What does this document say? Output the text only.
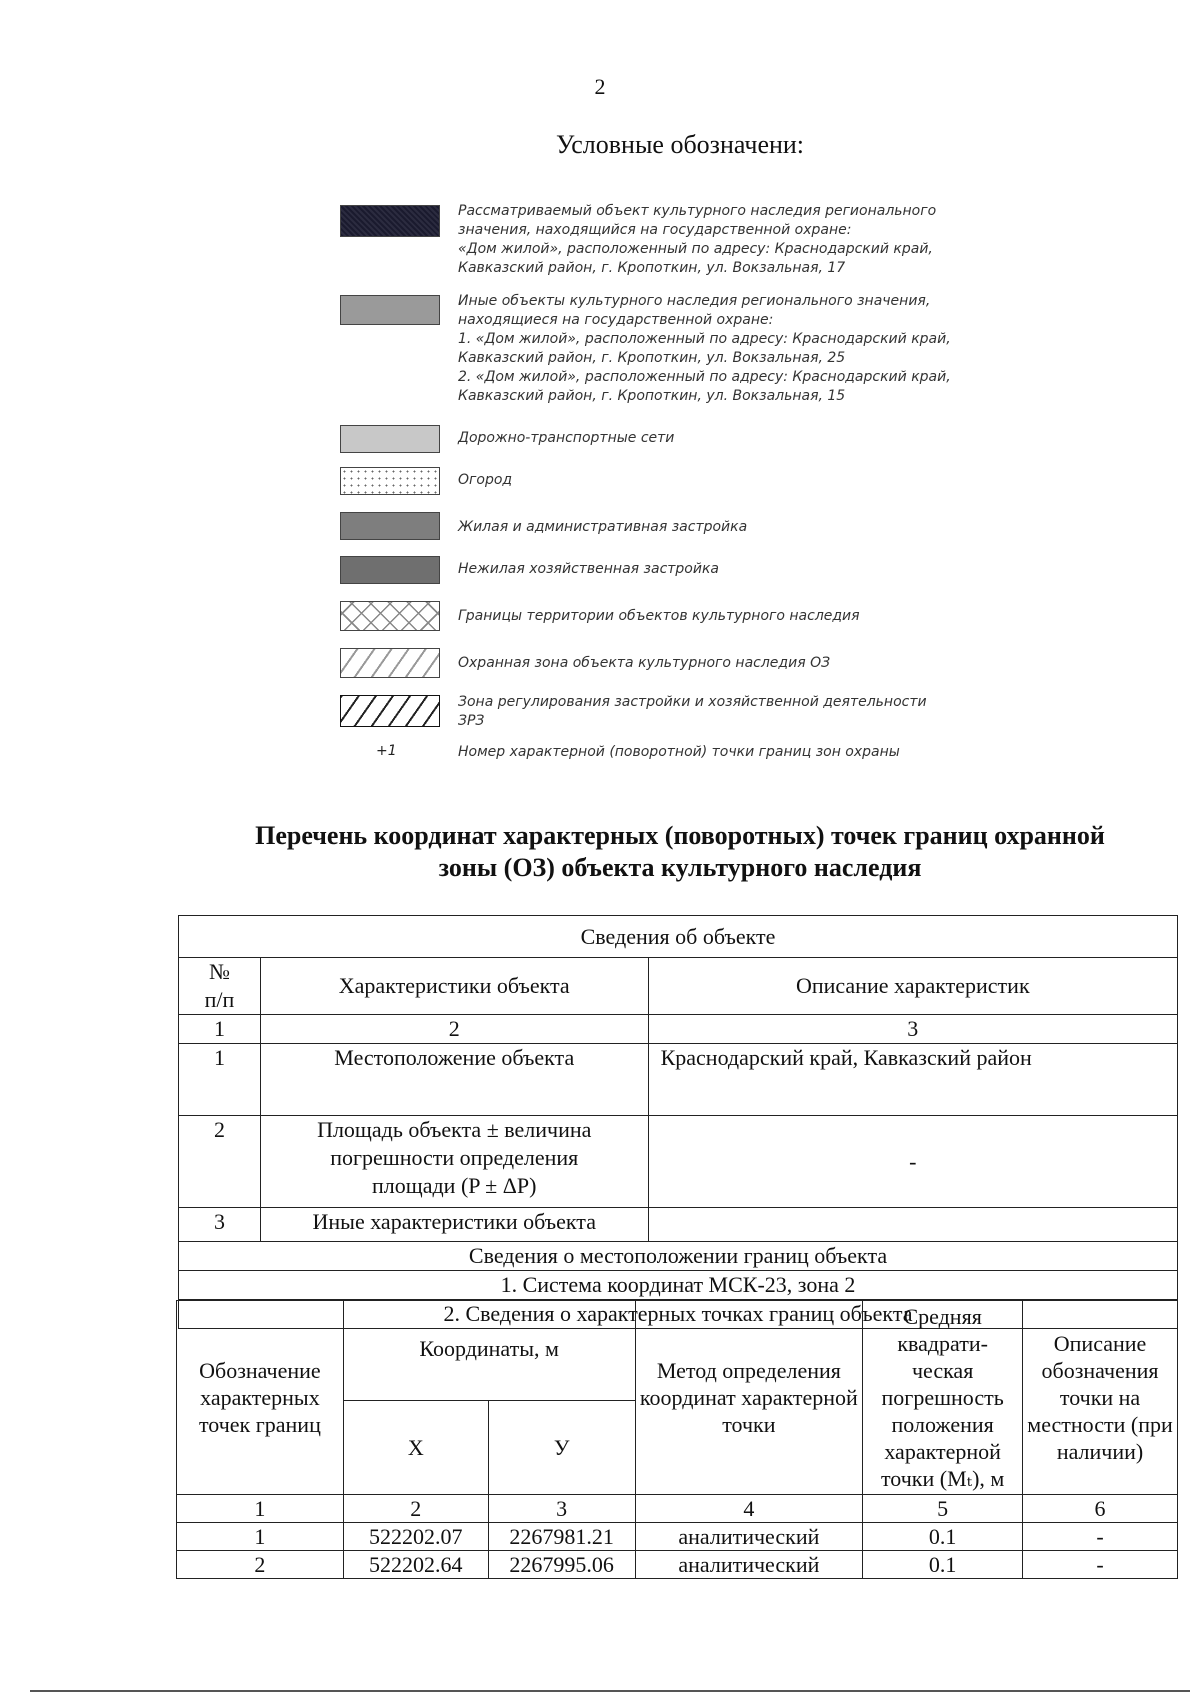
2
Условные обозначени:
Рассматриваемый объект культурного наследия регионального
значения, находящийся на государственной охране:
«Дом жилой», расположенный по адресу: Краснодарский край,
Кавказский район, г. Кропоткин, ул. Вокзальная, 17
Иные объекты культурного наследия регионального значения,
находящиеся на государственной охране:
1. «Дом жилой», расположенный по адресу: Краснодарский край,
Кавказский район, г. Кропоткин, ул. Вокзальная, 25
2. «Дом жилой», расположенный по адресу: Краснодарский край,
Кавказский район, г. Кропоткин, ул. Вокзальная, 15
Дорожно-транспортные сети
Огород
Жилая и административная застройка
Нежилая хозяйственная застройка
Границы территории объектов культурного наследия
Охранная зона объекта культурного наследия ОЗ
Зона регулирования застройки и хозяйственной деятельности
ЗРЗ
+1	Номер характерной (поворотной) точки границ зон охраны
Перечень координат характерных (поворотных) точек границ охранной
зоны (ОЗ) объекта культурного наследия
Сведения об объекте		
№
п/п	Характеристики объекта	Описание характеристик
1	2	3
1	Местоположение объекта	Краснодарский край, Кавказский район
2	Площадь объекта ± величина погрешности определения площади (P ± ΔP)	-
3	Иные характеристики объекта	
Сведения о местоположении границ объекта		
1. Система координат МСК-23, зона 2		
2. Сведения о характерных точках границ объекта		
Обозначение характерных точек границ	Координаты, м		Метод определения координат характерной точки	Средняя квадрати-ческая погрешность положения характерной точки (Mₜ), м	Описание обозначения точки на местности (при наличии)
	X	У			
1	2	3	4	5	6
1	522202.07	2267981.21	аналитический	0.1	-
2	522202.64	2267995.06	аналитический	0.1	-
